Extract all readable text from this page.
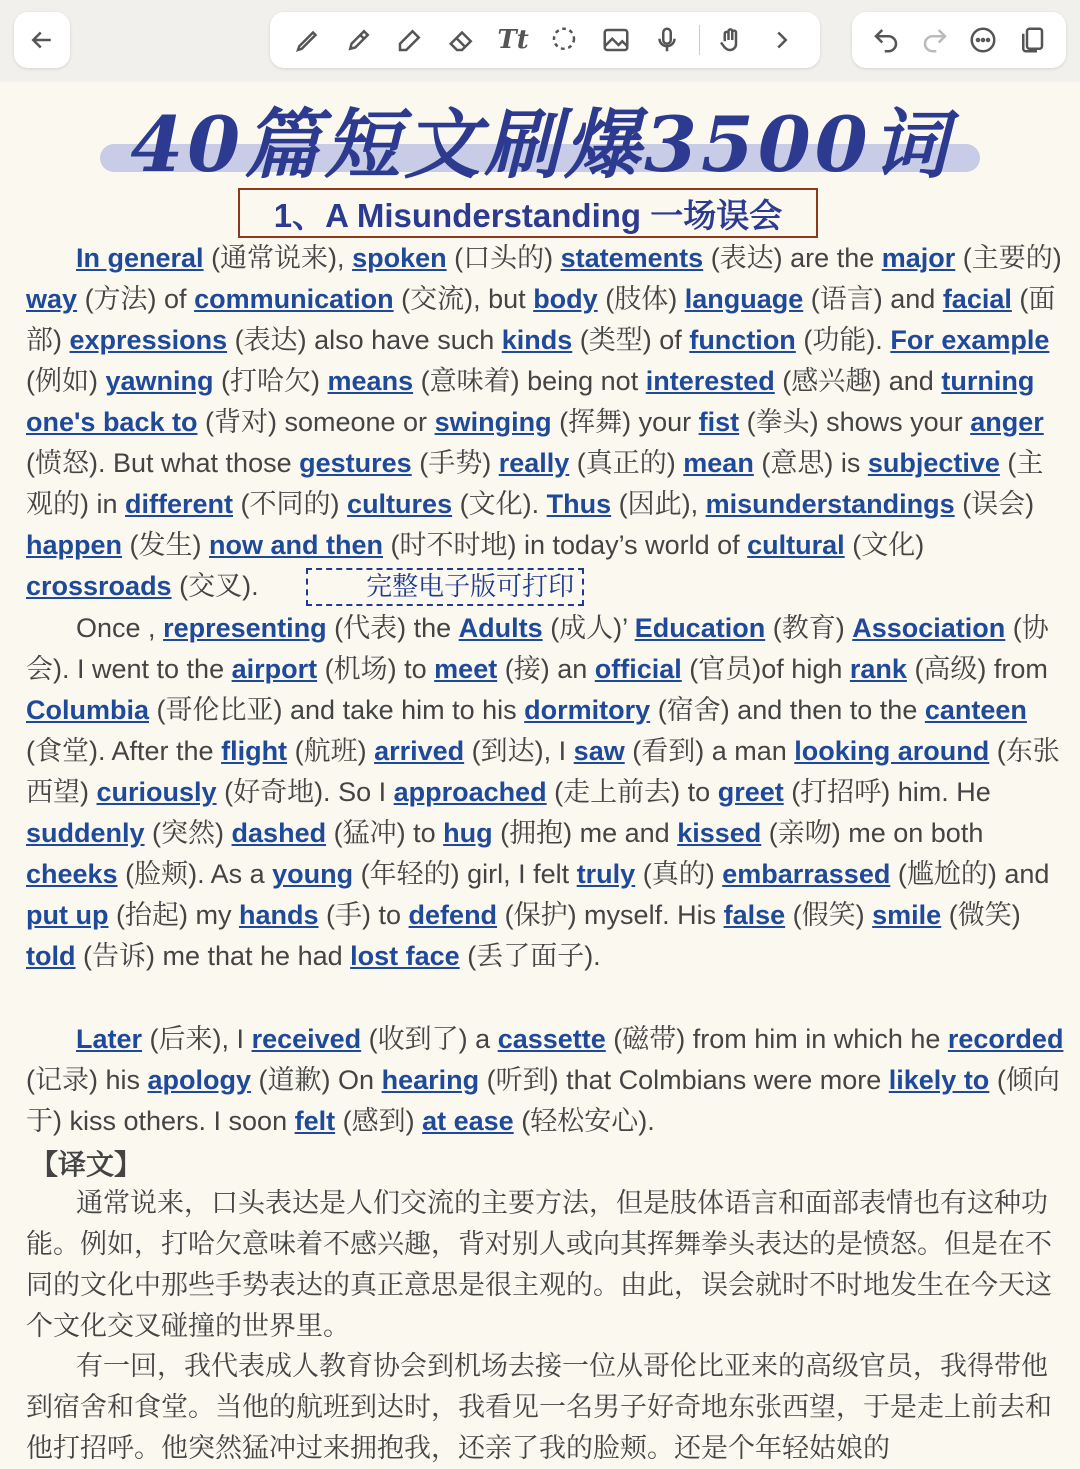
Tt
40篇短文刷爆3500词
1、A Misunderstanding 一场误会
In general (通常说来), spoken (口头的) statements (表达) are the major (主要的) way (方法) of communication (交流), but body (肢体) language (语言) and facial (面部) expressions (表达) also have such kinds (类型) of function (功能). For example (例如) yawning (打哈欠) means (意味着) being not interested (感兴趣) and turning one's back to (背对) someone or swinging (挥舞) your fist (拳头) shows your anger (愤怒). But what those gestures (手势) really (真正的) mean (意思) is subjective (主观的) in different (不同的) cultures (文化). Thus (因此), misunderstandings (误会) happen (发生) now and then (时不时地) in today’s world of cultural (文化) crossroads (交叉).	完整电子版可打印
Once , representing (代表) the Adults (成人)’ Education (教育) Association (协会). I went to the airport (机场) to meet (接) an official (官员)of high rank (高级) from Columbia (哥伦比亚) and take him to his dormitory (宿舍) and then to the canteen (食堂). After the flight (航班) arrived (到达), I saw (看到) a man looking around (东张西望) curiously (好奇地). So I approached (走上前去) to greet (打招呼) him. He suddenly (突然) dashed (猛冲) to hug (拥抱) me and kissed (亲吻) me on both cheeks (脸颊). As a young (年轻的) girl, I felt truly (真的) embarrassed (尴尬的) and put up (抬起) my hands (手) to defend (保护) myself. His false (假笑) smile (微笑) told (告诉) me that he had lost face (丢了面子).
Later (后来), I received (收到了) a cassette (磁带) from him in which he recorded (记录) his apology (道歉) On hearing (听到) that Colmbians were more likely to (倾向于) kiss others. I soon felt (感到) at ease (轻松安心).
【译文】
通常说来，口头表达是人们交流的主要方法，但是肢体语言和面部表情也有这种功能。例如，打哈欠意味着不感兴趣，背对别人或向其挥舞拳头表达的是愤怒。但是在不同的文化中那些手势表达的真正意思是很主观的。由此，误会就时不时地发生在今天这个文化交叉碰撞的世界里。
有一回，我代表成人教育协会到机场去接一位从哥伦比亚来的高级官员，我得带他到宿舍和食堂。当他的航班到达时，我看见一名男子好奇地东张西望，于是走上前去和他打招呼。他突然猛冲过来拥抱我，还亲了我的脸颊。还是个年轻姑娘的
